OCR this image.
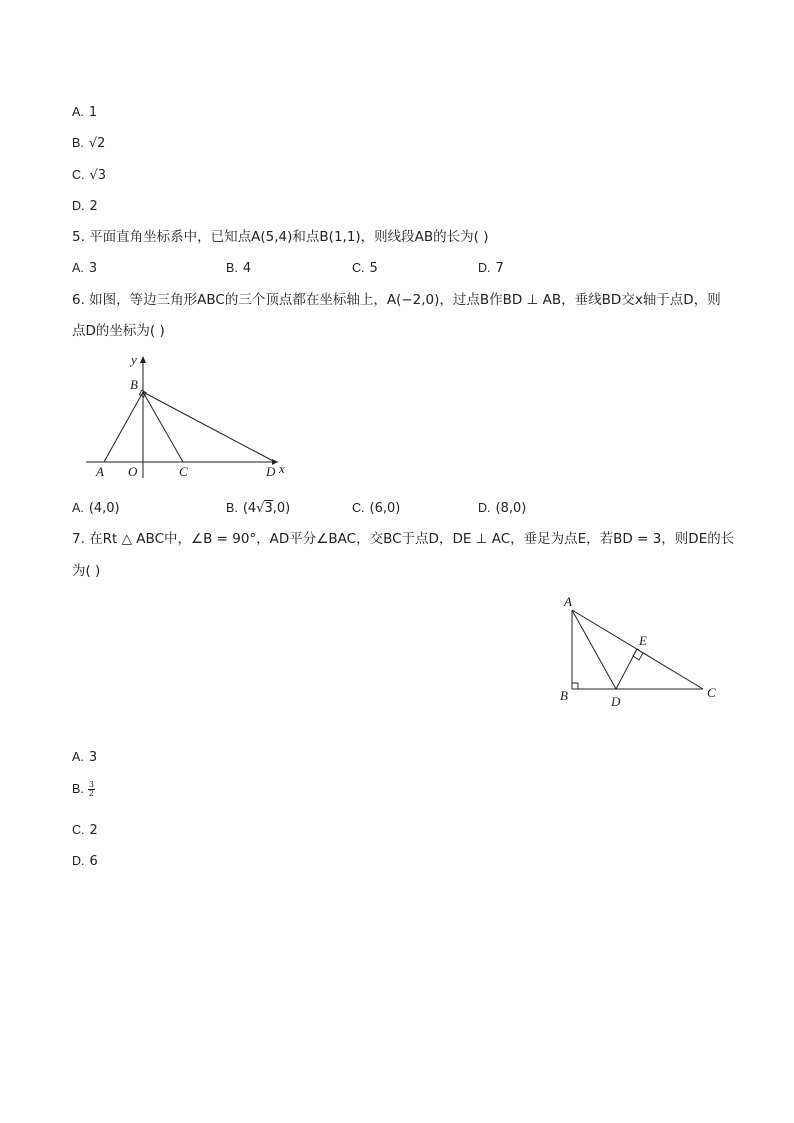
A. 1
B. √2
C. √3
D. 2
5. 平面直角坐标系中，已知点A(5,4)和点B(1,1)，则线段AB的长为( )
A. 3	B. 4	C. 5	D. 7
6. 如图，等边三角形ABC的三个顶点都在坐标轴上，A(−2,0)，过点B作BD ⊥ AB，垂线BD交x轴于点D，则
点D的坐标为( )
y
B
A O	C	D x
A. (4,0)	B. (4√3,0)	C. (6,0)	D. (8,0)
7. 在Rt △ ABC中，∠B = 90°，AD平分∠BAC，交BC于点D，DE ⊥ AC，垂足为点E，若BD = 3，则DE的长
为( )
A
E
B	D
C
A. 3
B. $\frac{3}{2}$
C. 2
D. 6
